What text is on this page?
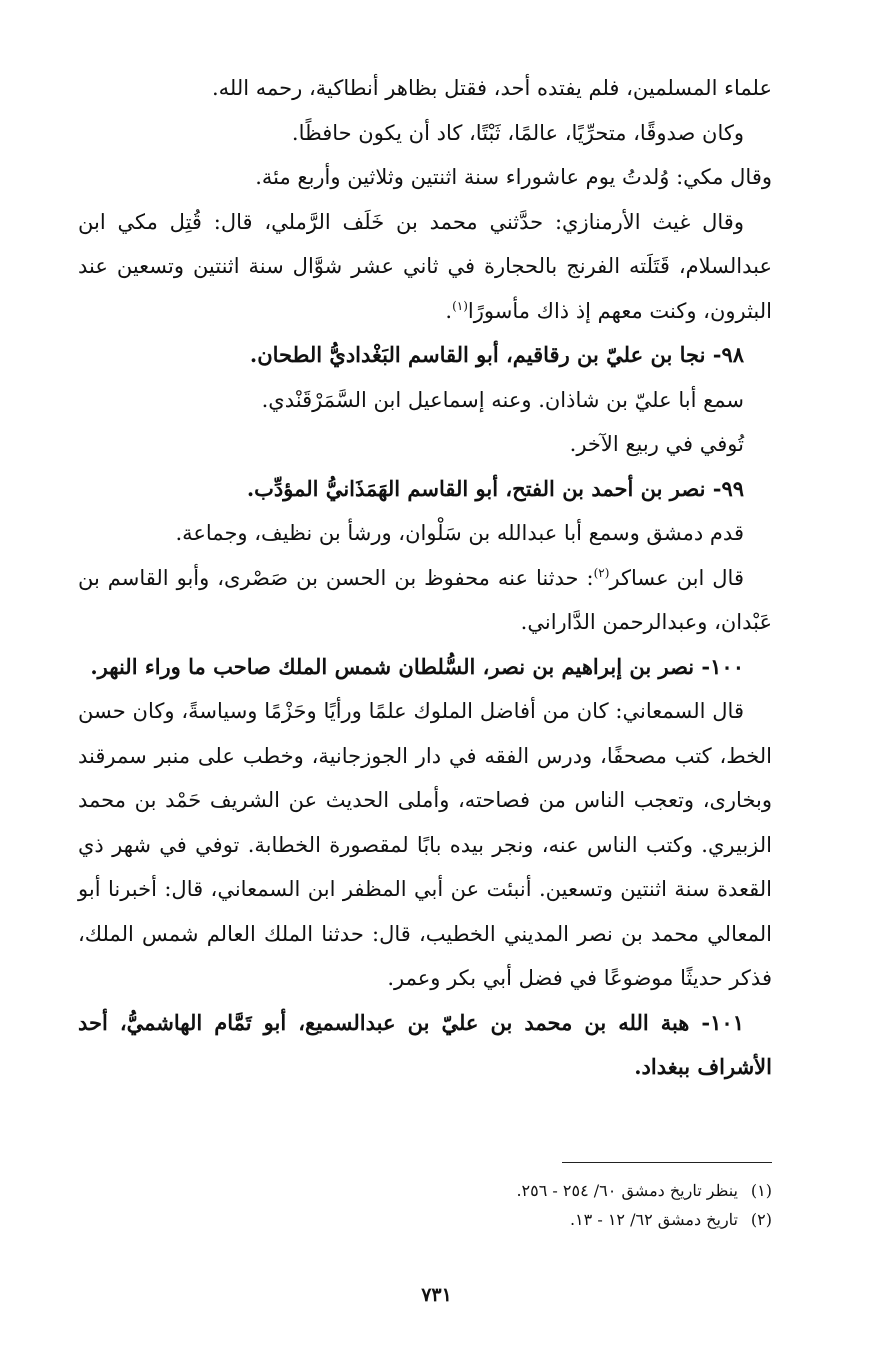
علماء المسلمين، فلم يفتده أحد، فقتل بظاهر أنطاكية، رحمه الله.

وكان صدوقًا، متحرِّيًا، عالمًا، ثَبْتًا، كاد أن يكون حافظًا.

وقال مكي: وُلدتُ يوم عاشوراء سنة اثنتين وثلاثين وأربع مئة.

وقال غيث الأرمنازي: حدَّثني محمد بن خَلَف الرَّملي، قال: قُتِل مكي ابن عبدالسلام، قَتَلَته الفرنج بالحجارة في ثاني عشر شوَّال سنة اثنتين وتسعين عند البثرون، وكنت معهم إذ ذاك مأسورًا$^{(١)}$.

٩٨- نجا بن عليّ بن رقاقيم، أبو القاسم البَغْداديُّ الطحان.

سمع أبا عليّ بن شاذان. وعنه إسماعيل ابن السَّمَرْقَنْدي.

تُوفي في ربيع الآخر.

٩٩- نصر بن أحمد بن الفتح، أبو القاسم الهَمَذَانيُّ المؤدِّب.

قدم دمشق وسمع أبا عبدالله بن سَلْوان، ورشأ بن نظيف، وجماعة.

قال ابن عساكر$^{(٢)}$: حدثنا عنه محفوظ بن الحسن بن صَصْرى، وأبو القاسم بن عَبْدان، وعبدالرحمن الدَّاراني.

١٠٠- نصر بن إبراهيم بن نصر، السُّلطان شمس الملك صاحب ما وراء النهر.

قال السمعاني: كان من أفاضل الملوك علمًا ورأيًا وحَزْمًا وسياسةً، وكان حسن الخط، كتب مصحفًا، ودرس الفقه في دار الجوزجانية، وخطب على منبر سمرقند وبخارى، وتعجب الناس من فصاحته، وأملى الحديث عن الشريف حَمْد بن محمد الزبيري. وكتب الناس عنه، ونجر بيده بابًا لمقصورة الخطابة. توفي في شهر ذي القعدة سنة اثنتين وتسعين. أنبئت عن أبي المظفر ابن السمعاني، قال: أخبرنا أبو المعالي محمد بن نصر المديني الخطيب، قال: حدثنا الملك العالم شمس الملك، فذكر حديثًا موضوعًا في فضل أبي بكر وعمر.

١٠١- هبة الله بن محمد بن عليّ بن عبدالسميع، أبو تَمَّام الهاشميُّ، أحد الأشراف ببغداد.

(١)ينظر تاريخ دمشق ٦٠/ ٢٥٤ - ٢٥٦.

(٢)تاريخ دمشق ٦٢/ ١٢ - ١٣.

٧٣١
